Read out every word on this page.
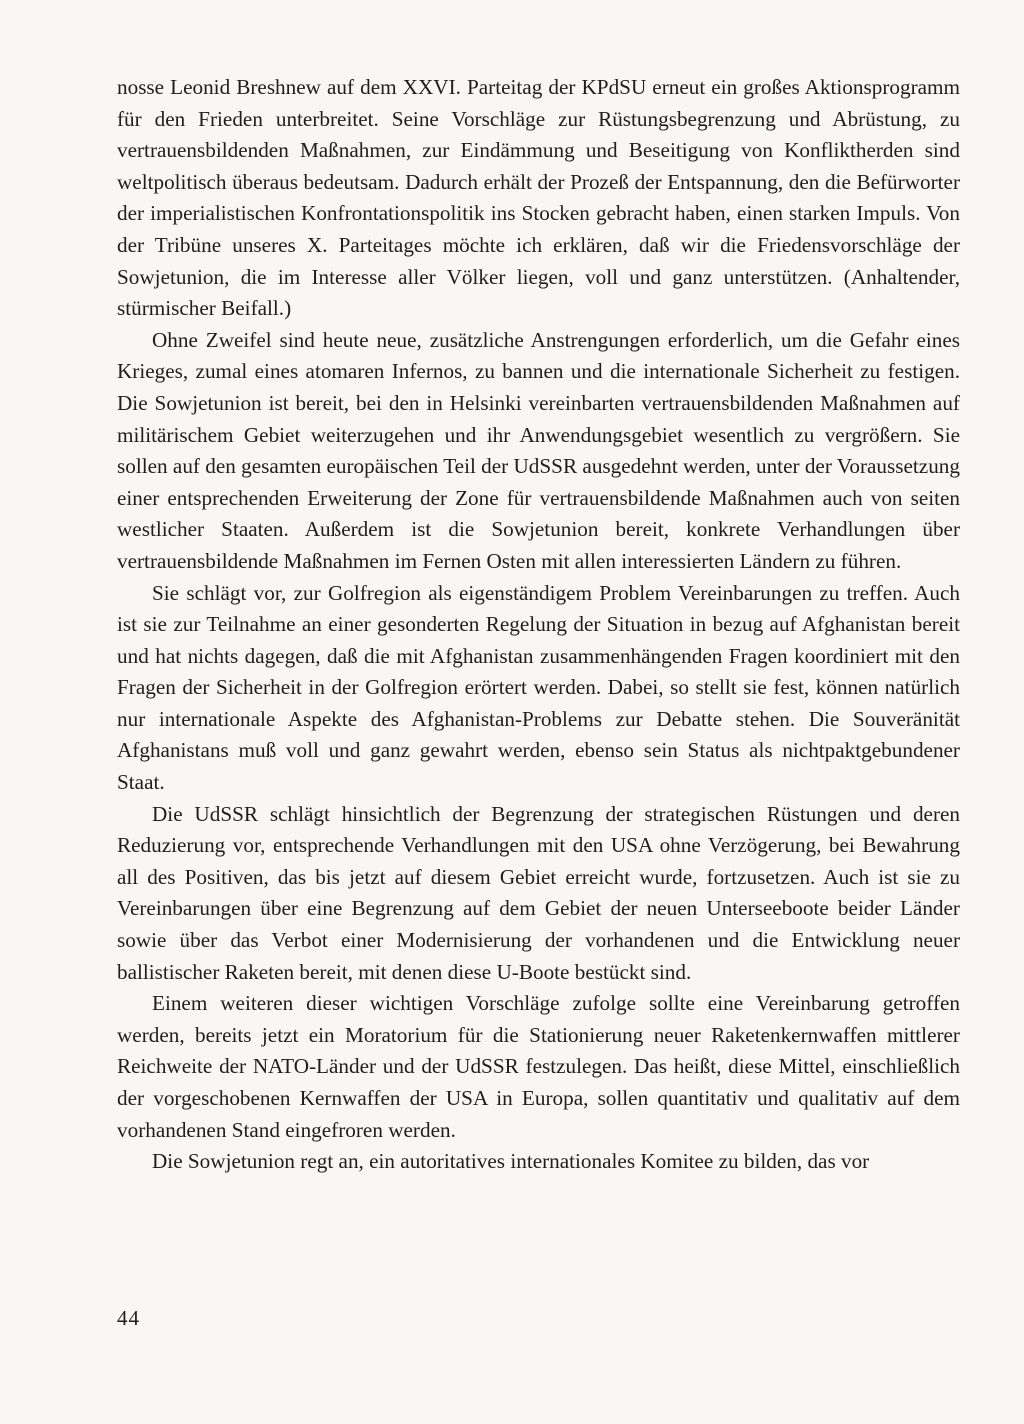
nosse Leonid Breshnew auf dem XXVI. Parteitag der KPdSU erneut ein großes Aktionsprogramm für den Frieden unterbreitet. Seine Vorschläge zur Rüstungsbegrenzung und Abrüstung, zu vertrauensbildenden Maßnahmen, zur Eindämmung und Beseitigung von Konfliktherden sind weltpolitisch überaus bedeutsam. Dadurch erhält der Prozeß der Entspannung, den die Befürworter der imperialistischen Konfrontationspolitik ins Stocken gebracht haben, einen starken Impuls. Von der Tribüne unseres X. Parteitages möchte ich erklären, daß wir die Friedensvorschläge der Sowjetunion, die im Interesse aller Völker liegen, voll und ganz unterstützen. (Anhaltender, stürmischer Beifall.)

Ohne Zweifel sind heute neue, zusätzliche Anstrengungen erforderlich, um die Gefahr eines Krieges, zumal eines atomaren Infernos, zu bannen und die internationale Sicherheit zu festigen. Die Sowjetunion ist bereit, bei den in Helsinki vereinbarten vertrauensbildenden Maßnahmen auf militärischem Gebiet weiterzugehen und ihr Anwendungsgebiet wesentlich zu vergrößern. Sie sollen auf den gesamten europäischen Teil der UdSSR ausgedehnt werden, unter der Voraussetzung einer entsprechenden Erweiterung der Zone für vertrauensbildende Maßnahmen auch von seiten westlicher Staaten. Außerdem ist die Sowjetunion bereit, konkrete Verhandlungen über vertrauensbildende Maßnahmen im Fernen Osten mit allen interessierten Ländern zu führen.

Sie schlägt vor, zur Golfregion als eigenständigem Problem Vereinbarungen zu treffen. Auch ist sie zur Teilnahme an einer gesonderten Regelung der Situation in bezug auf Afghanistan bereit und hat nichts dagegen, daß die mit Afghanistan zusammenhängenden Fragen koordiniert mit den Fragen der Sicherheit in der Golfregion erörtert werden. Dabei, so stellt sie fest, können natürlich nur internationale Aspekte des Afghanistan-Problems zur Debatte stehen. Die Souveränität Afghanistans muß voll und ganz gewahrt werden, ebenso sein Status als nichtpaktgebundener Staat.

Die UdSSR schlägt hinsichtlich der Begrenzung der strategischen Rüstungen und deren Reduzierung vor, entsprechende Verhandlungen mit den USA ohne Verzögerung, bei Bewahrung all des Positiven, das bis jetzt auf diesem Gebiet erreicht wurde, fortzusetzen. Auch ist sie zu Vereinbarungen über eine Begrenzung auf dem Gebiet der neuen Unterseeboote beider Länder sowie über das Verbot einer Modernisierung der vorhandenen und die Entwicklung neuer ballistischer Raketen bereit, mit denen diese U-Boote bestückt sind.

Einem weiteren dieser wichtigen Vorschläge zufolge sollte eine Vereinbarung getroffen werden, bereits jetzt ein Moratorium für die Stationierung neuer Raketenkernwaffen mittlerer Reichweite der NATO-Länder und der UdSSR festzulegen. Das heißt, diese Mittel, einschließlich der vorgeschobenen Kernwaffen der USA in Europa, sollen quantitativ und qualitativ auf dem vorhandenen Stand eingefroren werden.

Die Sowjetunion regt an, ein autoritatives internationales Komitee zu bilden, das vor

44
